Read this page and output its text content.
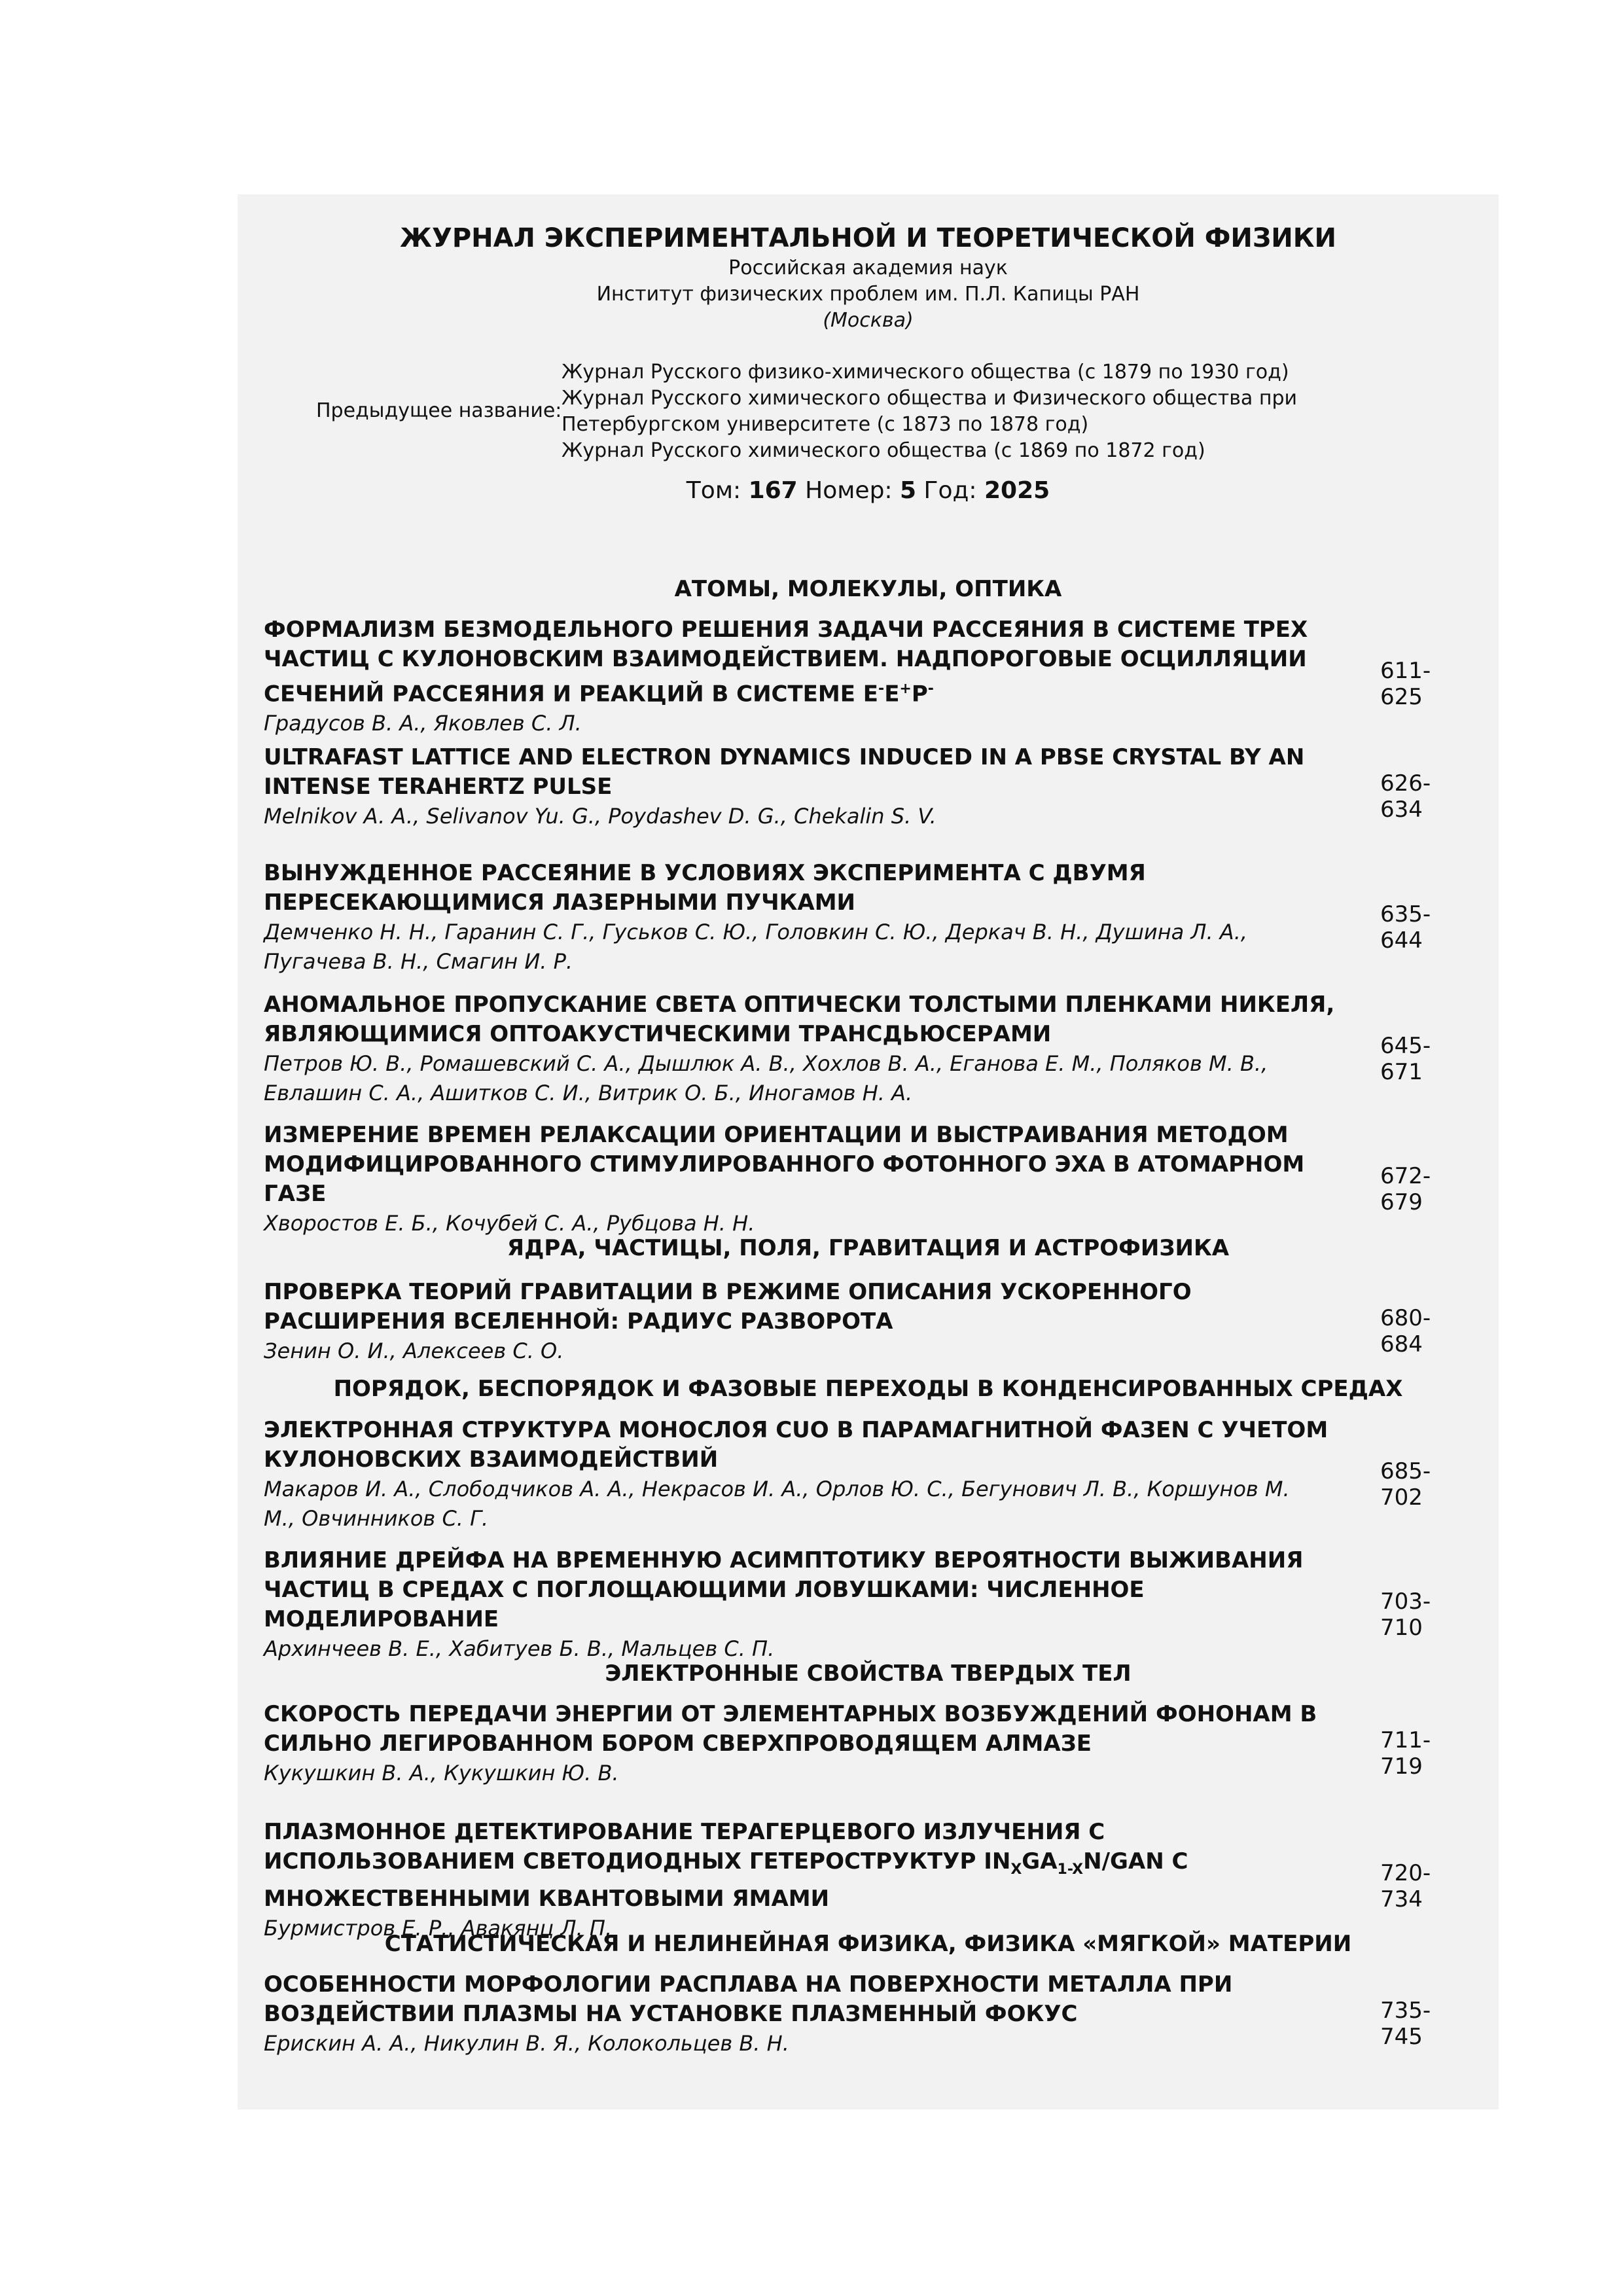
ЖУРНАЛ ЭКСПЕРИМЕНТАЛЬНОЙ И ТЕОРЕТИЧЕСКОЙ ФИЗИКИ
Российская академия наук
Институт физических проблем им. П.Л. Капицы РАН
(Москва)
Предыдущее название:
Журнал Русского физико-химического общества (с 1879 по 1930 год)
Журнал Русского химического общества и Физического общества при
Петербургском университете (с 1873 по 1878 год)
Журнал Русского химического общества (с 1869 по 1872 год)
Том: 167 Номер: 5 Год: 2025
АТОМЫ, МОЛЕКУЛЫ, ОПТИКА
ФОРМАЛИЗМ БЕЗМОДЕЛЬНОГО РЕШЕНИЯ ЗАДАЧИ РАССЕЯНИЯ В СИСТЕМЕ ТРЕХ
ЧАСТИЦ С КУЛОНОВСКИМ ВЗАИМОДЕЙСТВИЕМ. НАДПОРОГОВЫЕ ОСЦИЛЛЯЦИИ
СЕЧЕНИЙ РАССЕЯНИЯ И РЕАКЦИЙ В СИСТЕМЕ E-E+P-
Градусов В. А., Яковлев С. Л.
611-625
ULTRAFAST LATTICE AND ELECTRON DYNAMICS INDUCED IN A PBSE CRYSTAL BY AN
INTENSE TERAHERTZ PULSE
Melnikov A. A., Selivanov Yu. G., Poydashev D. G., Chekalin S. V.
626-634
ВЫНУЖДЕННОЕ РАССЕЯНИЕ В УСЛОВИЯХ ЭКСПЕРИМЕНТА С ДВУМЯ
ПЕРЕСЕКАЮЩИМИСЯ ЛАЗЕРНЫМИ ПУЧКАМИ
Демченко Н. Н., Гаранин С. Г., Гуськов С. Ю., Головкин С. Ю., Деркач В. Н., Душина Л. А.,
Пугачева В. Н., Смагин И. Р.
635-644
АНОМАЛЬНОЕ ПРОПУСКАНИЕ СВЕТА ОПТИЧЕСКИ ТОЛСТЫМИ ПЛЕНКАМИ НИКЕЛЯ,
ЯВЛЯЮЩИМИСЯ ОПТОАКУСТИЧЕСКИМИ ТРАНСДЬЮСЕРАМИ
Петров Ю. В., Ромашевский С. А., Дышлюк А. В., Хохлов В. А., Еганова Е. М., Поляков М. В.,
Евлашин С. А., Ашитков С. И., Витрик О. Б., Иногамов Н. А.
645-671
ИЗМЕРЕНИЕ ВРЕМЕН РЕЛАКСАЦИИ ОРИЕНТАЦИИ И ВЫСТРАИВАНИЯ МЕТОДОМ
МОДИФИЦИРОВАННОГО СТИМУЛИРОВАННОГО ФОТОННОГО ЭХА В АТОМАРНОМ
ГАЗЕ
Хворостов Е. Б., Кочубей С. А., Рубцова Н. Н.
672-679
ЯДРА, ЧАСТИЦЫ, ПОЛЯ, ГРАВИТАЦИЯ И АСТРОФИЗИКА
ПРОВЕРКА ТЕОРИЙ ГРАВИТАЦИИ В РЕЖИМЕ ОПИСАНИЯ УСКОРЕННОГО
РАСШИРЕНИЯ ВСЕЛЕННОЙ: РАДИУС РАЗВОРОТА
Зенин О. И., Алексеев С. О.
680-684
ПОРЯДОК, БЕСПОРЯДОК И ФАЗОВЫЕ ПЕРЕХОДЫ В КОНДЕНСИРОВАННЫХ СРЕДАХ
ЭЛЕКТРОННАЯ СТРУКТУРА МОНОСЛОЯ CUO В ПАРАМАГНИТНОЙ ФАЗЕN С УЧЕТОМ
КУЛОНОВСКИХ ВЗАИМОДЕЙСТВИЙ
Макаров И. А., Слободчиков А. А., Некрасов И. А., Орлов Ю. С., Бегунович Л. В., Коршунов М.
М., Овчинников С. Г.
685-702
ВЛИЯНИЕ ДРЕЙФА НА ВРЕМЕННУЮ АСИМПТОТИКУ ВЕРОЯТНОСТИ ВЫЖИВАНИЯ
ЧАСТИЦ В СРЕДАХ С ПОГЛОЩАЮЩИМИ ЛОВУШКАМИ: ЧИСЛЕННОЕ
МОДЕЛИРОВАНИЕ
Архинчеев В. Е., Хабитуев Б. В., Мальцев С. П.
703-710
ЭЛЕКТРОННЫЕ СВОЙСТВА ТВЕРДЫХ ТЕЛ
СКОРОСТЬ ПЕРЕДАЧИ ЭНЕРГИИ ОТ ЭЛЕМЕНТАРНЫХ ВОЗБУЖДЕНИЙ ФОНОНАМ В
СИЛЬНО ЛЕГИРОВАННОМ БОРОМ СВЕРХПРОВОДЯЩЕМ АЛМАЗЕ
Кукушкин В. А., Кукушкин Ю. В.
711-719
ПЛАЗМОННОЕ ДЕТЕКТИРОВАНИЕ ТЕРАГЕРЦЕВОГО ИЗЛУЧЕНИЯ С
ИСПОЛЬЗОВАНИЕМ СВЕТОДИОДНЫХ ГЕТЕРОСТРУКТУР $IN_XGA_{1-X}N$/GAN С
МНОЖЕСТВЕННЫМИ КВАНТОВЫМИ ЯМАМИ
Бурмистров Е. Р., Авакянц Л. П.
720-734
СТАТИСТИЧЕСКАЯ И НЕЛИНЕЙНАЯ ФИЗИКА, ФИЗИКА «МЯГКОЙ» МАТЕРИИ
ОСОБЕННОСТИ МОРФОЛОГИИ РАСПЛАВА НА ПОВЕРХНОСТИ МЕТАЛЛА ПРИ
ВОЗДЕЙСТВИИ ПЛАЗМЫ НА УСТАНОВКЕ ПЛАЗМЕННЫЙ ФОКУС
Ерискин А. А., Никулин В. Я., Колокольцев В. Н.
735-745
